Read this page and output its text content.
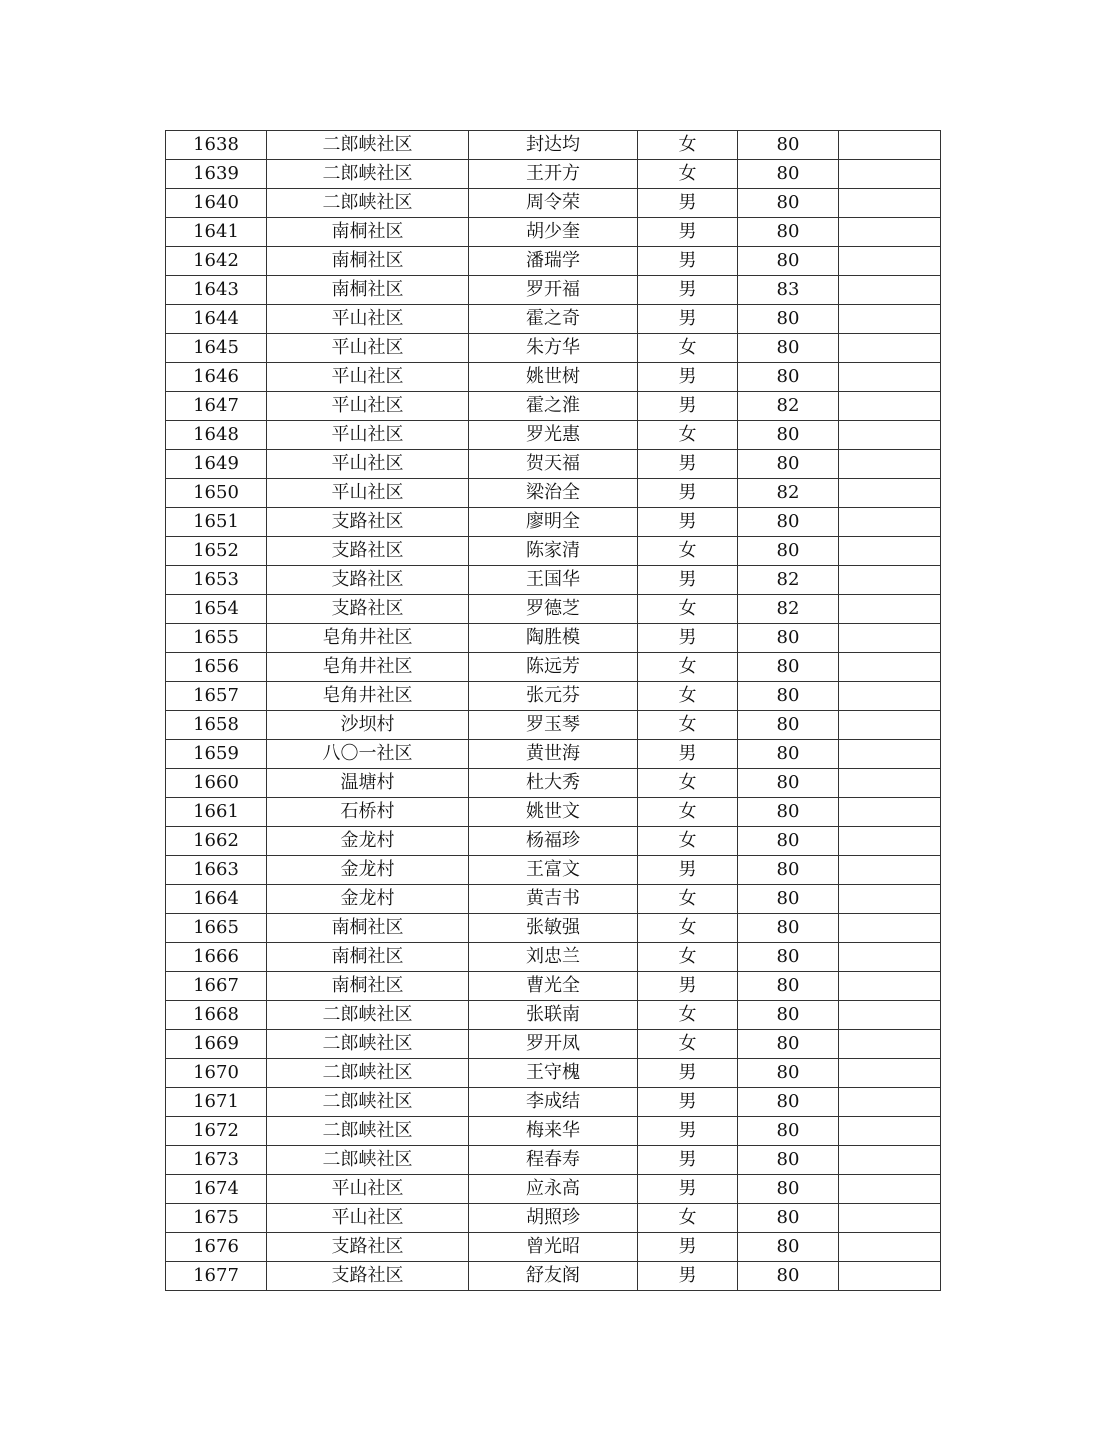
1638	二郎峡社区	封达均	女	80	
1639	二郎峡社区	王开方	女	80	
1640	二郎峡社区	周令荣	男	80	
1641	南桐社区	胡少奎	男	80	
1642	南桐社区	潘瑞学	男	80	
1643	南桐社区	罗开福	男	83	
1644	平山社区	霍之奇	男	80	
1645	平山社区	朱方华	女	80	
1646	平山社区	姚世树	男	80	
1647	平山社区	霍之淮	男	82	
1648	平山社区	罗光惠	女	80	
1649	平山社区	贺天福	男	80	
1650	平山社区	梁治全	男	82	
1651	支路社区	廖明全	男	80	
1652	支路社区	陈家清	女	80	
1653	支路社区	王国华	男	82	
1654	支路社区	罗德芝	女	82	
1655	皂角井社区	陶胜模	男	80	
1656	皂角井社区	陈远芳	女	80	
1657	皂角井社区	张元芬	女	80	
1658	沙坝村	罗玉琴	女	80	
1659	八〇一社区	黄世海	男	80	
1660	温塘村	杜大秀	女	80	
1661	石桥村	姚世文	女	80	
1662	金龙村	杨福珍	女	80	
1663	金龙村	王富文	男	80	
1664	金龙村	黄吉书	女	80	
1665	南桐社区	张敏强	女	80	
1666	南桐社区	刘忠兰	女	80	
1667	南桐社区	曹光全	男	80	
1668	二郎峡社区	张联南	女	80	
1669	二郎峡社区	罗开凤	女	80	
1670	二郎峡社区	王守槐	男	80	
1671	二郎峡社区	李成结	男	80	
1672	二郎峡社区	梅来华	男	80	
1673	二郎峡社区	程春寿	男	80	
1674	平山社区	应永高	男	80	
1675	平山社区	胡照珍	女	80	
1676	支路社区	曾光昭	男	80	
1677	支路社区	舒友阁	男	80	
